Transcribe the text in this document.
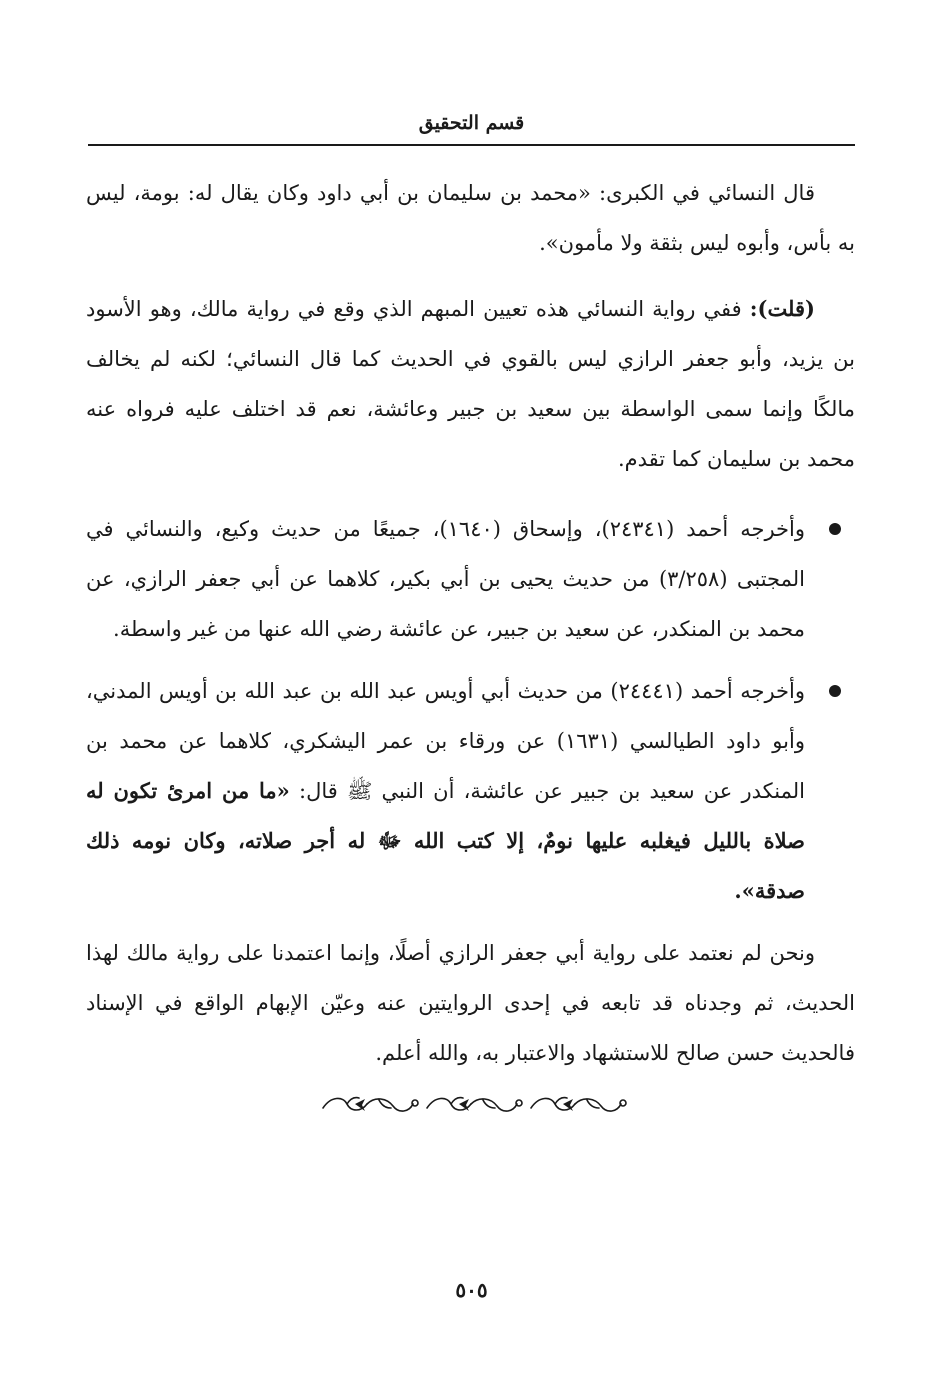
قسم التحقيق

قال النسائي في الكبرى: «محمد بن سليمان بن أبي داود وكان يقال له: بومة، ليس به بأس، وأبوه ليس بثقة ولا مأمون».

(قلت): ففي رواية النسائي هذه تعيين المبهم الذي وقع في رواية مالك، وهو الأسود بن يزيد، وأبو جعفر الرازي ليس بالقوي في الحديث كما قال النسائي؛ لكنه لم يخالف مالكًا وإنما سمى الواسطة بين سعيد بن جبير وعائشة، نعم قد اختلف عليه فرواه عنه محمد بن سليمان كما تقدم.

وأخرجه أحمد (٢٤٣٤١)، وإسحاق (١٦٤٠)، جميعًا من حديث وكيع، والنسائي في المجتبى (٣/٢٥٨) من حديث يحيى بن أبي بكير، كلاهما عن أبي جعفر الرازي، عن محمد بن المنكدر، عن سعيد بن جبير، عن عائشة رضي الله عنها من غير واسطة.
وأخرجه أحمد (٢٤٤٤١) من حديث أبي أويس عبد الله بن عبد الله بن أويس المدني، وأبو داود الطيالسي (١٦٣١) عن ورقاء بن عمر اليشكري، كلاهما عن محمد بن المنكدر عن سعيد بن جبير عن عائشة، أن النبي ﷺ قال: «ما من امرئ تكون له صلاة بالليل فيغلبه عليها نومٌ، إلا كتب الله ﷻ له أجر صلاته، وكان نومه ذلك صدقة».

ونحن لم نعتمد على رواية أبي جعفر الرازي أصلًا، وإنما اعتمدنا على رواية مالك لهذا الحديث، ثم وجدناه قد تابعه في إحدى الروايتين عنه وعيّن الإبهام الواقع في الإسناد فالحديث حسن صالح للاستشهاد والاعتبار به، والله أعلم.

٥٠٥
